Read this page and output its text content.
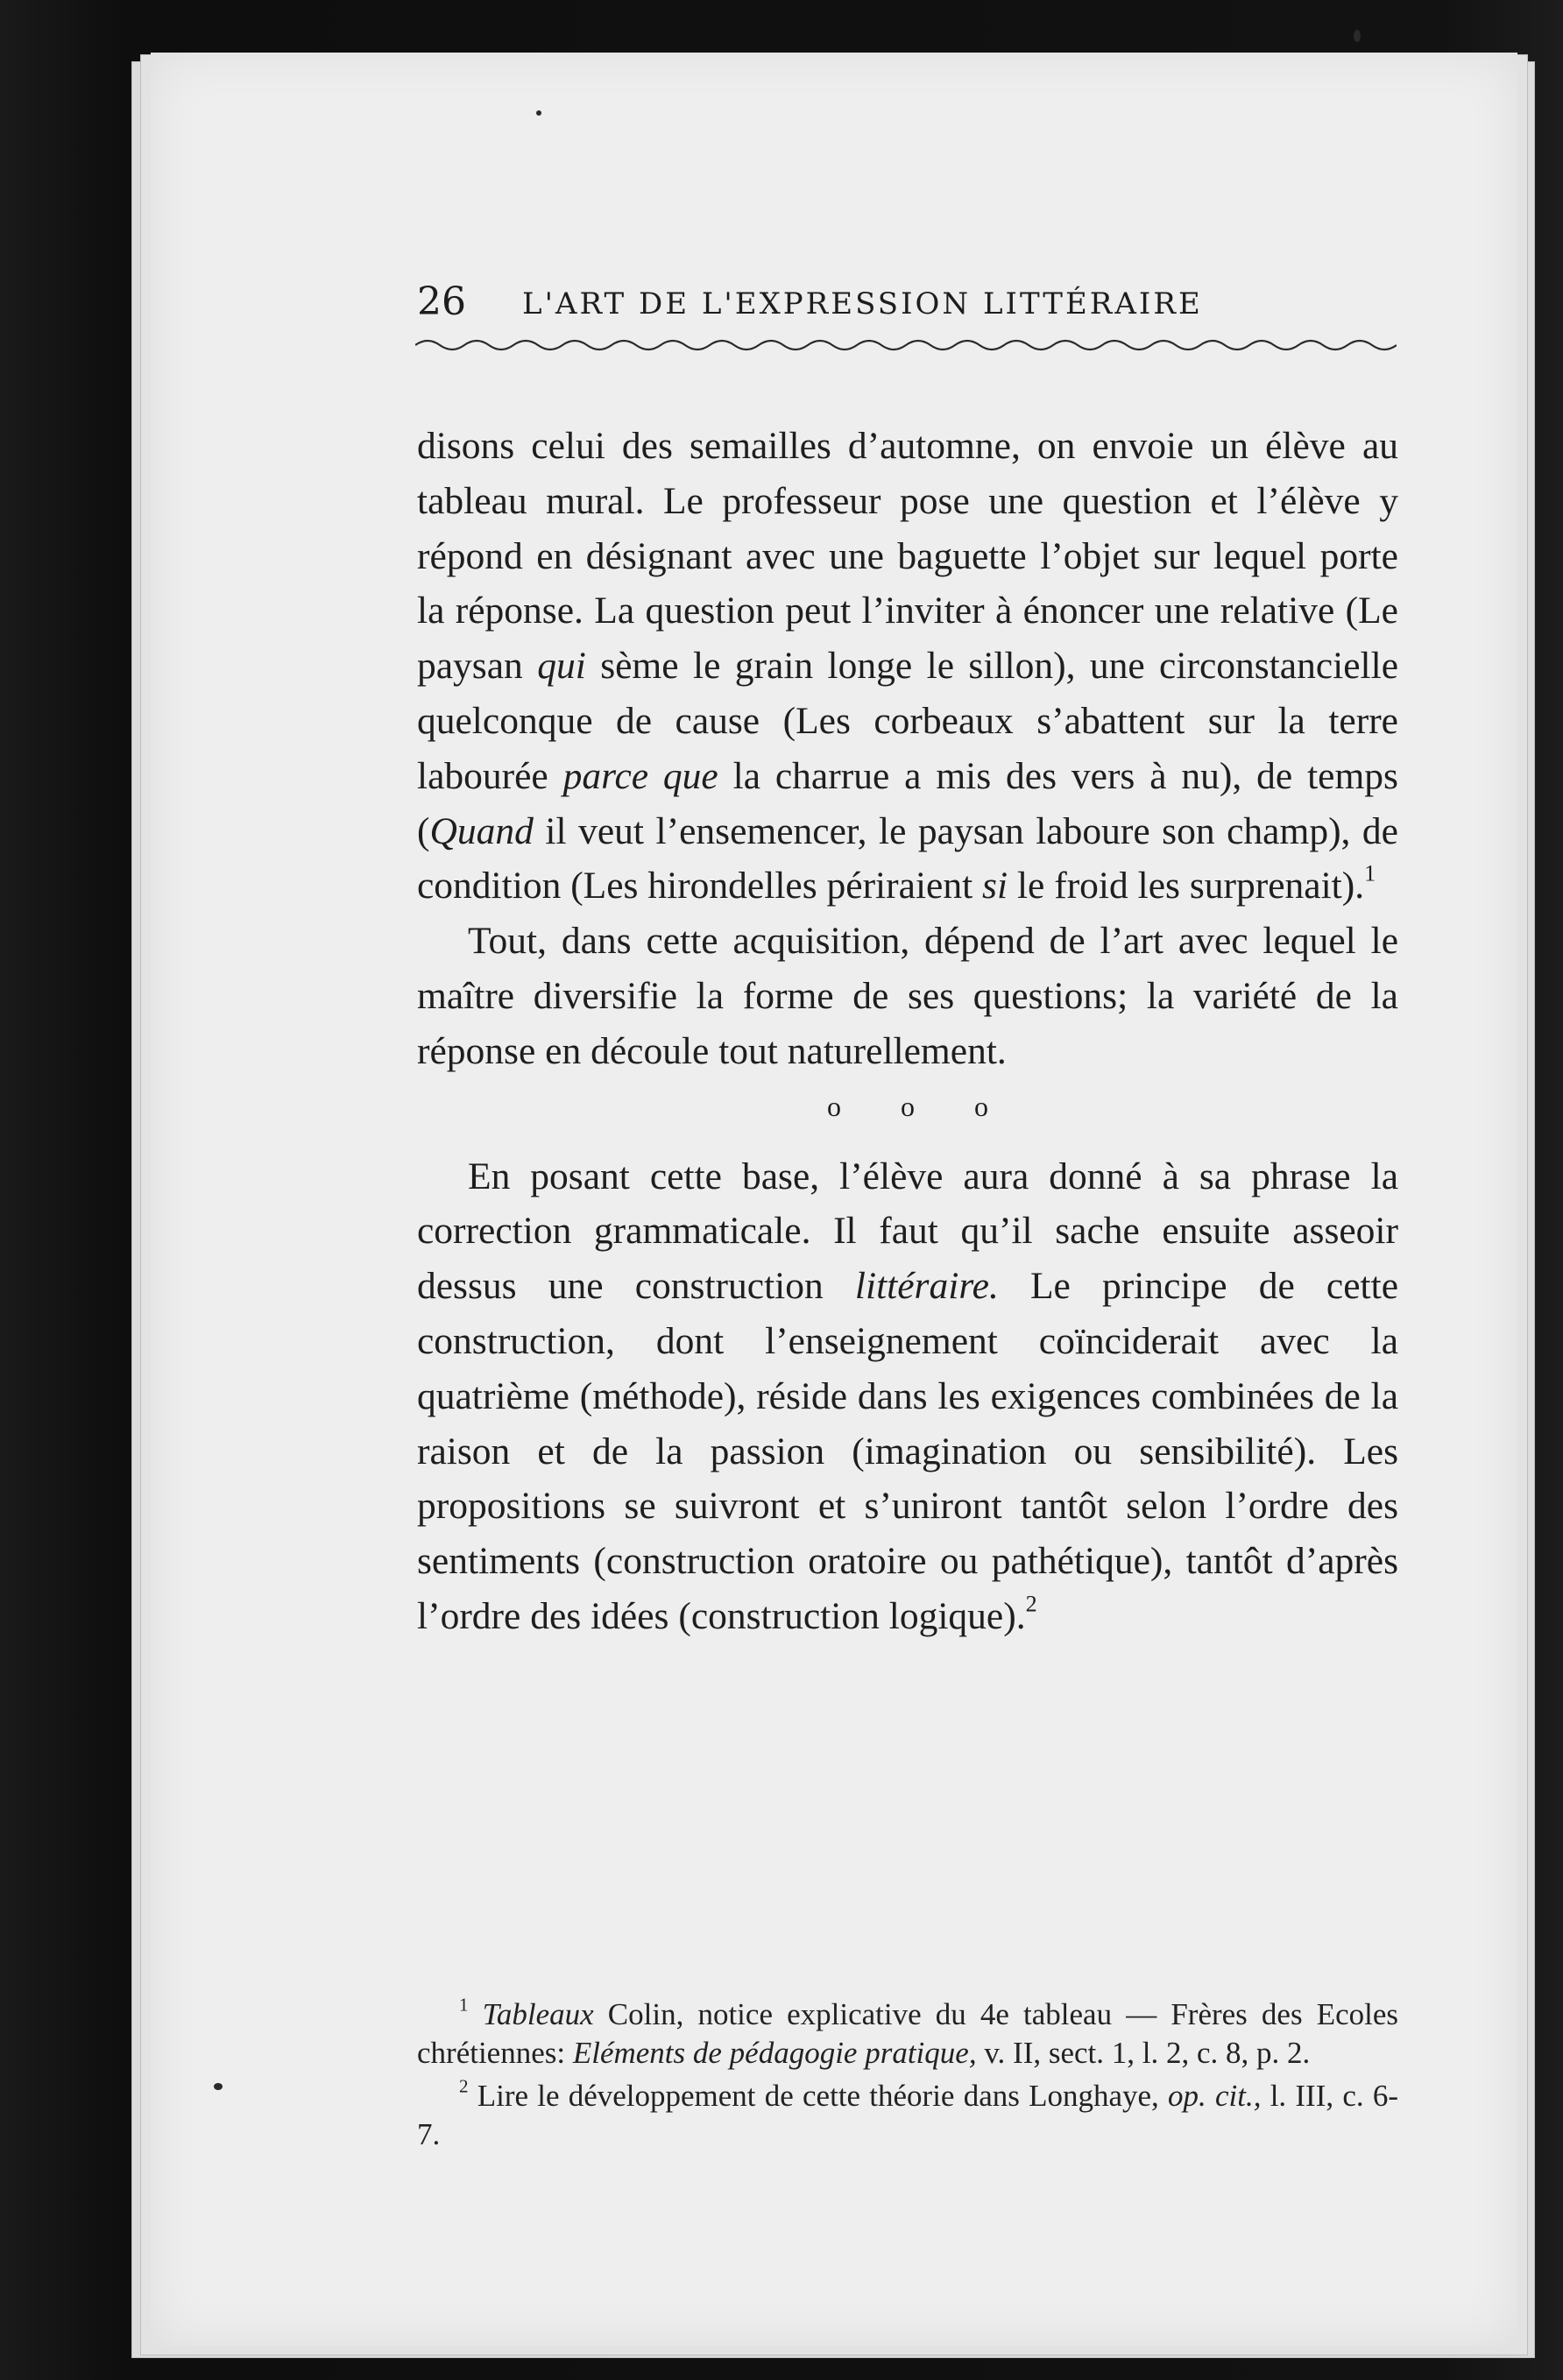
26 L'ART DE L'EXPRESSION LITTÉRAIRE

disons celui des semailles d’automne, on envoie un élève au tableau mural. Le professeur pose une question et l’élève y répond en désignant avec une baguette l’objet sur lequel porte la réponse. La question peut l’inviter à énoncer une relative (Le paysan qui sème le grain longe le sillon), une circonstancielle quelconque de cause (Les corbeaux s’abattent sur la terre labourée parce que la charrue a mis des vers à nu), de temps (Quand il veut l’ensemencer, le paysan laboure son champ), de condition (Les hirondelles périraient si le froid les surprenait).$^1$

Tout, dans cette acquisition, dépend de l’art avec lequel le maître diversifie la forme de ses questions; la variété de la réponse en découle tout naturellement.

o o o

En posant cette base, l’élève aura donné à sa phrase la correction grammaticale. Il faut qu’il sache ensuite asseoir dessus une construction littéraire. Le principe de cette construction, dont l’enseignement coïnciderait avec la quatrième (méthode), réside dans les exigences combinées de la raison et de la passion (imagination ou sensibilité). Les propositions se suivront et s’uniront tantôt selon l’ordre des sentiments (construction oratoire ou pathétique), tantôt d’après l’ordre des idées (construction logique).$^2$

$^1$ Tableaux Colin, notice explicative du 4e tableau — Frères des Ecoles chrétiennes: Eléments de pédagogie pratique, v. II, sect. 1, l. 2, c. 8, p. 2.

$^2$ Lire le développement de cette théorie dans Longhaye, op. cit., l. III, c. 6-7.
